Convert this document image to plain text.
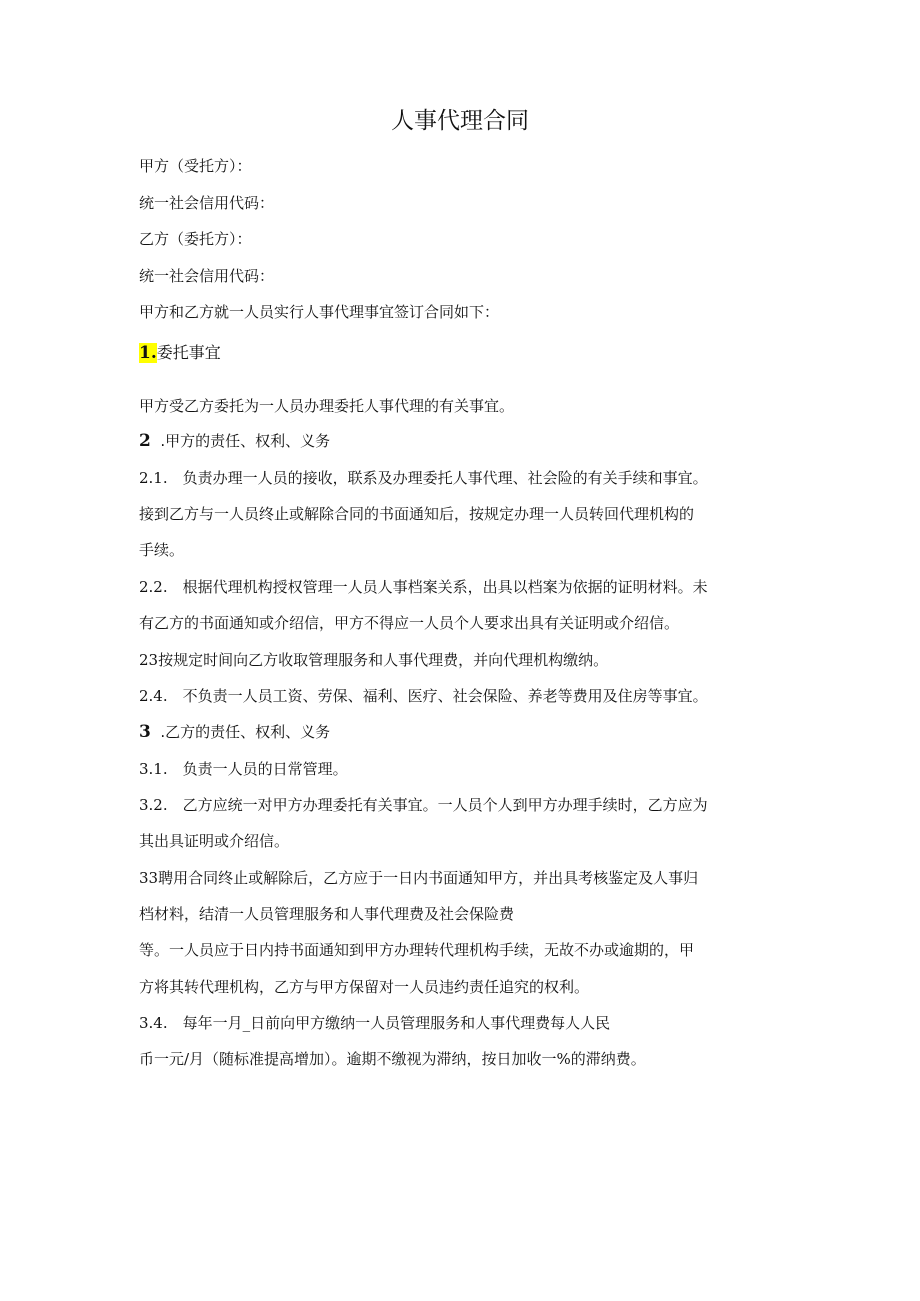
人事代理合同

甲方（受托方）：

统一社会信用代码：

乙方（委托方）：

统一社会信用代码：

甲方和乙方就一人员实行人事代理事宜签订合同如下：

1.委托事宜

甲方受乙方委托为一人员办理委托人事代理的有关事宜。

2 .甲方的责任、权利、义务

2.1.　负责办理一人员的接收，联系及办理委托人事代理、社会险的有关手续和事宜。

接到乙方与一人员终止或解除合同的书面通知后，按规定办理一人员转回代理机构的

手续。

2.2.　根据代理机构授权管理一人员人事档案关系，出具以档案为依据的证明材料。未

有乙方的书面通知或介绍信，甲方不得应一人员个人要求出具有关证明或介绍信。

23按规定时间向乙方收取管理服务和人事代理费，并向代理机构缴纳。

2.4.　不负责一人员工资、劳保、福利、医疗、社会保险、养老等费用及住房等事宜。

3 .乙方的责任、权利、义务

3.1.　负责一人员的日常管理。

3.2.　乙方应统一对甲方办理委托有关事宜。一人员个人到甲方办理手续时，乙方应为

其出具证明或介绍信。

33聘用合同终止或解除后，乙方应于一日内书面通知甲方，并出具考核鉴定及人事归

档材料，结清一人员管理服务和人事代理费及社会保险费

等。一人员应于日内持书面通知到甲方办理转代理机构手续，无故不办或逾期的，甲

方将其转代理机构，乙方与甲方保留对一人员违约责任追究的权利。

3.4.　每年一月_日前向甲方缴纳一人员管理服务和人事代理费每人人民

币一元/月（随标准提高增加）。逾期不缴视为滞纳，按日加收一%的滞纳费。
